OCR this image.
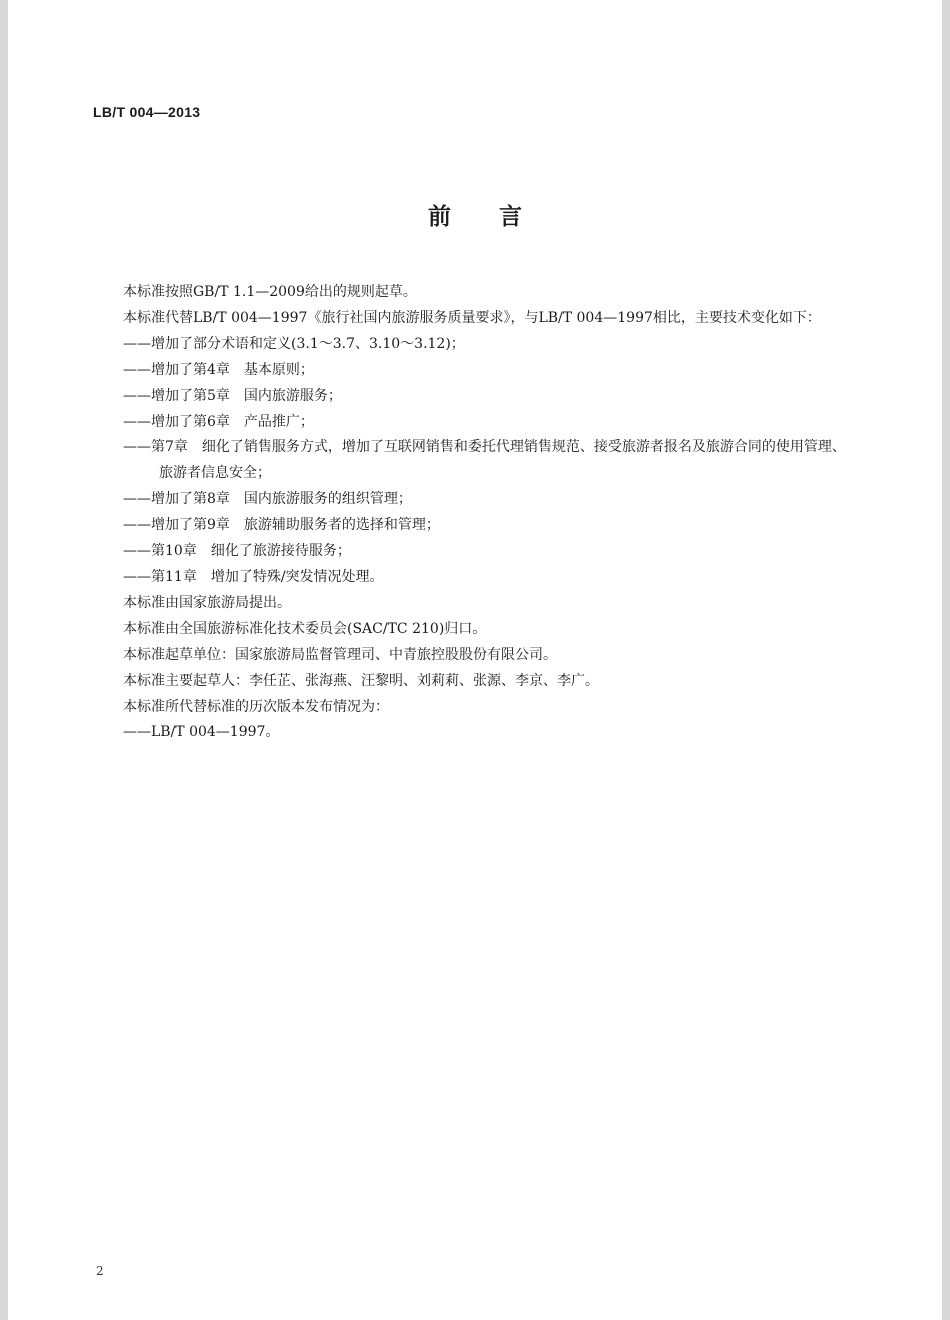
LB/T 004—2013
前言

本标准按照GB/T 1.1—2009给出的规则起草。

本标准代替LB/T 004—1997《旅行社国内旅游服务质量要求》，与LB/T 004—1997相比，主要技术变化如下：

——增加了部分术语和定义(3.1～3.7、3.10～3.12)；

——增加了第4章　基本原则；

——增加了第5章　国内旅游服务；

——增加了第6章　产品推广；

——第7章　细化了销售服务方式，增加了互联网销售和委托代理销售规范、接受旅游者报名及旅游合同的使用管理、旅游者信息安全；

——增加了第8章　国内旅游服务的组织管理；

——增加了第9章　旅游辅助服务者的选择和管理；

——第10章　细化了旅游接待服务；

——第11章　增加了特殊/突发情况处理。

本标准由国家旅游局提出。

本标准由全国旅游标准化技术委员会(SAC/TC 210)归口。

本标准起草单位：国家旅游局监督管理司、中青旅控股股份有限公司。

本标准主要起草人：李任芷、张海燕、汪黎明、刘莉莉、张源、李京、李广。

本标准所代替标准的历次版本发布情况为：

——LB/T 004—1997。

2
